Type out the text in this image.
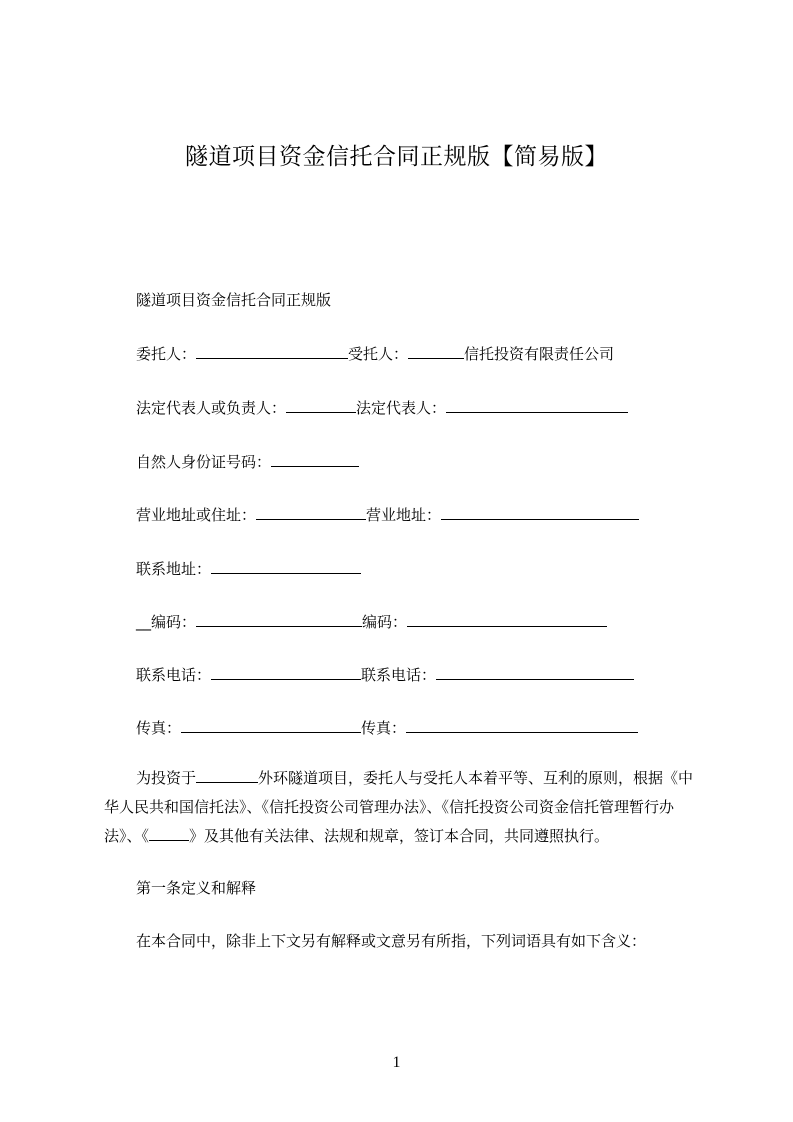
隧道项目资金信托合同正规版【简易版】
隧道项目资金信托合同正规版
委托人：	受托人：	信托投资有限责任公司
法定代表人或负责人：	法定代表人：
自然人身份证号码：
营业地址或住址：	营业地址：
联系地址：
__编码：	编码：
联系电话：	联系电话：
传真：	传真：
为投资于	外环隧道项目，委托人与受托人本着平等、互利的原则，根据《中华人民共和国信托法》、《信托投资公司管理办法》、《信托投资公司资金信托管理暂行办法》、《	》及其他有关法律、法规和规章，签订本合同，共同遵照执行。
第一条定义和解释
在本合同中，除非上下文另有解释或文意另有所指，下列词语具有如下含义：
1
